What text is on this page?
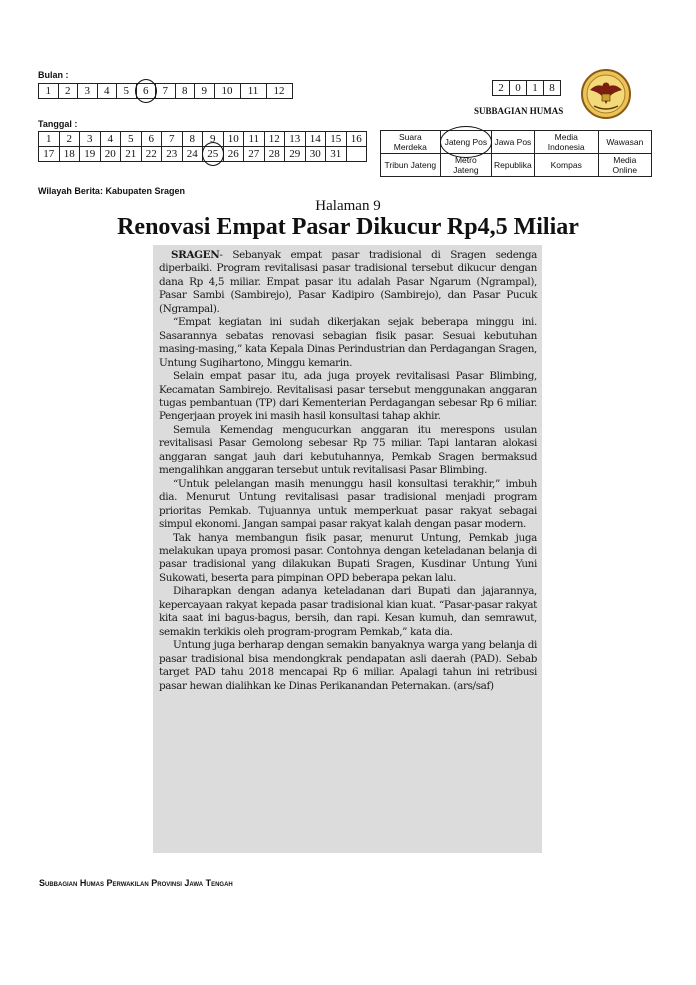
Bulan :
1	2	3	4	5	6	7	8	9	10	11	12
Tanggal :
1	2	3	4	5	6	7	8	9	10	11	12	13	14	15	16
17	18	19	20	21	22	23	24	25	26	27	28	29	30	31	
2	0	1	8
SUBBAGIAN HUMAS
Suara Merdeka	Jateng Pos	Jawa Pos	Media Indonesia	Wawasan
Tribun Jateng	Metro Jateng	Republika	Kompas	Media Online
Wilayah Berita: Kabupaten Sragen
Halaman 9
Renovasi Empat Pasar Dikucur Rp4,5 Miliar

SRAGEN- Sebanyak empat pasar tradisional di Sragen sedenga diperbaiki. Program revitalisasi pasar tradisional tersebut dikucur dengan dana Rp 4,5 miliar. Empat pasar itu adalah Pasar Ngarum (Ngrampal), Pasar Sambi (Sambirejo), Pasar Kadipiro (Sambirejo), dan Pasar Pucuk (Ngrampal).

“Empat kegiatan ini sudah dikerjakan sejak beberapa minggu ini. Sasarannya sebatas renovasi sebagian fisik pasar. Sesuai kebutuhan masing-masing,” kata Kepala Dinas Perindustrian dan Perdagangan Sragen, Untung Sugihartono, Minggu kemarin.

Selain empat pasar itu, ada juga proyek revitalisasi Pasar Blimbing, Kecamatan Sambirejo. Revitalisasi pasar tersebut menggunakan anggaran tugas pembantuan (TP) dari Kementerian Perdagangan sebesar Rp 6 miliar. Pengerjaan proyek ini masih hasil konsultasi tahap akhir.

Semula Kemendag mengucurkan anggaran itu merespons usulan revitalisasi Pasar Gemolong sebesar Rp 75 miliar. Tapi lantaran alokasi anggaran sangat jauh dari kebutuhannya, Pemkab Sragen bermaksud mengalihkan anggaran tersebut untuk revitalisasi Pasar Blimbing.

“Untuk pelelangan masih menunggu hasil konsultasi terakhir,” imbuh dia. Menurut Untung revitalisasi pasar tradisional menjadi program prioritas Pemkab. Tujuannya untuk memperkuat pasar rakyat sebagai simpul ekonomi. Jangan sampai pasar rakyat kalah dengan pasar modern.

Tak hanya membangun fisik pasar, menurut Untung, Pemkab juga melakukan upaya promosi pasar. Contohnya dengan keteladanan belanja di pasar tradisional yang dilakukan Bupati Sragen, Kusdinar Untung Yuni Sukowati, beserta para pimpinan OPD beberapa pekan lalu.

Diharapkan dengan adanya keteladanan dari Bupati dan jajarannya, kepercayaan rakyat kepada pasar tradisional kian kuat. “Pasar-pasar rakyat kita saat ini bagus-bagus, bersih, dan rapi. Kesan kumuh, dan semrawut, semakin terkikis oleh program-program Pemkab,” kata dia.

Untung juga berharap dengan semakin banyaknya warga yang belanja di pasar tradisional bisa mendongkrak pendapatan asli daerah (PAD). Sebab target PAD tahu 2018 mencapai Rp 6 miliar. Apalagi tahun ini retribusi pasar hewan dialihkan ke Dinas Perikanandan Peternakan. (ars/saf)

Subbagian Humas Perwakilan Provinsi Jawa Tengah
